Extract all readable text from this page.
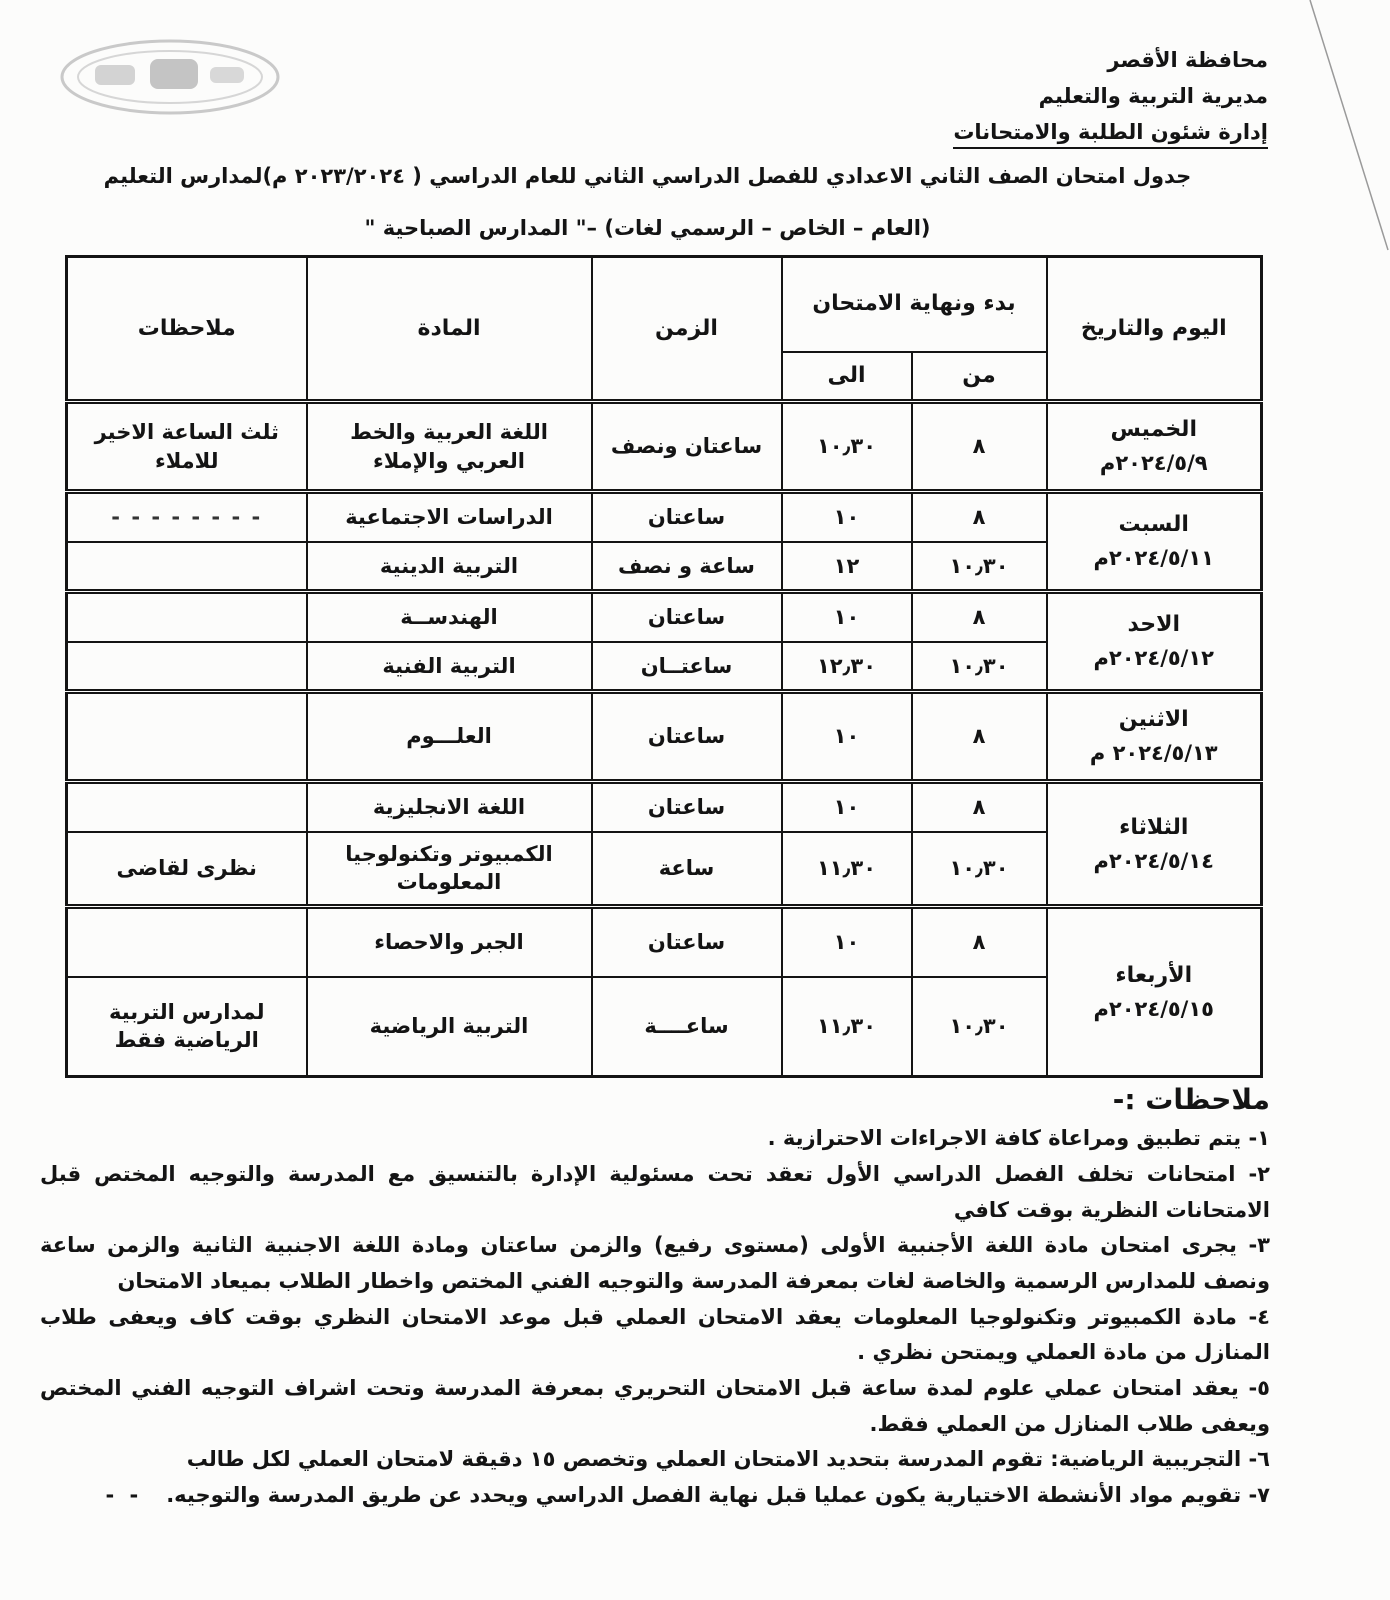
محافظة الأقصر
مديرية التربية والتعليم
إدارة شئون الطلبة والامتحانات
جدول امتحان الصف الثاني الاعدادي للفصل الدراسي الثاني للعام الدراسي ( ٢٠٢٣/٢٠٢٤ م)لمدارس التعليم
(العام – الخاص – الرسمي لغات) –" المدارس الصباحية "
اليوم والتاريخ	بدء ونهاية الامتحان		الزمن	المادة	ملاحظات
	من	الى			

الخميس
٢٠٢٤/٥/٩م	٨	١٠٫٣٠	ساعتان ونصف	اللغة العربية والخط العربي والإملاء	ثلث الساعة الاخير للاملاء

السبت
٢٠٢٤/٥/١١م	٨	١٠	ساعتان	الدراسات الاجتماعية	- - - - - - - -
	١٠٫٣٠	١٢	ساعة و نصف	التربية الدينية	

الاحد
٢٠٢٤/٥/١٢م	٨	١٠	ساعتان	الهندســة	
	١٠٫٣٠	١٢٫٣٠	ساعتــان	التربية الفنية	

الاثنين
٢٠٢٤/٥/١٣ م	٨	١٠	ساعتان	العلـــوم	

الثلاثاء
٢٠٢٤/٥/١٤م	٨	١٠	ساعتان	اللغة الانجليزية	
	١٠٫٣٠	١١٫٣٠	ساعة	الكمبيوتر وتكنولوجيا المعلومات	نظرى لقاضى

الأربعاء
٢٠٢٤/٥/١٥م	٨	١٠	ساعتان	الجبر والاحصاء	
	١٠٫٣٠	١١٫٣٠	ساعــــة	التربية الرياضية	لمدارس التربية الرياضية فقط
ملاحظات :-

١- يتم تطبيق ومراعاة كافة الاجراءات الاحترازية .

٢- امتحانات تخلف الفصل الدراسي الأول تعقد تحت مسئولية الإدارة بالتنسيق مع المدرسة والتوجيه المختص قبل الامتحانات النظرية بوقت كافي

٣- يجرى امتحان مادة اللغة الأجنبية الأولى (مستوى رفيع) والزمن ساعتان ومادة اللغة الاجنبية الثانية والزمن ساعة ونصف للمدارس الرسمية والخاصة لغات بمعرفة المدرسة والتوجيه الفني المختص واخطار الطلاب بميعاد الامتحان

٤- مادة الكمبيوتر وتكنولوجيا المعلومات يعقد الامتحان العملي قبل موعد الامتحان النظري بوقت كاف ويعفى طلاب المنازل من مادة العملي ويمتحن نظري .

٥- يعقد امتحان عملي علوم لمدة ساعة قبل الامتحان التحريري بمعرفة المدرسة وتحت اشراف التوجيه الفني المختص ويعفى طلاب المنازل من العملي فقط.

٦- التجريبية الرياضية: تقوم المدرسة بتحديد الامتحان العملي وتخصص ١٥ دقيقة لامتحان العملي لكل طالب

٧- تقويم مواد الأنشطة الاختيارية يكون عمليا قبل نهاية الفصل الدراسي ويحدد عن طريق المدرسة والتوجيه.- -
